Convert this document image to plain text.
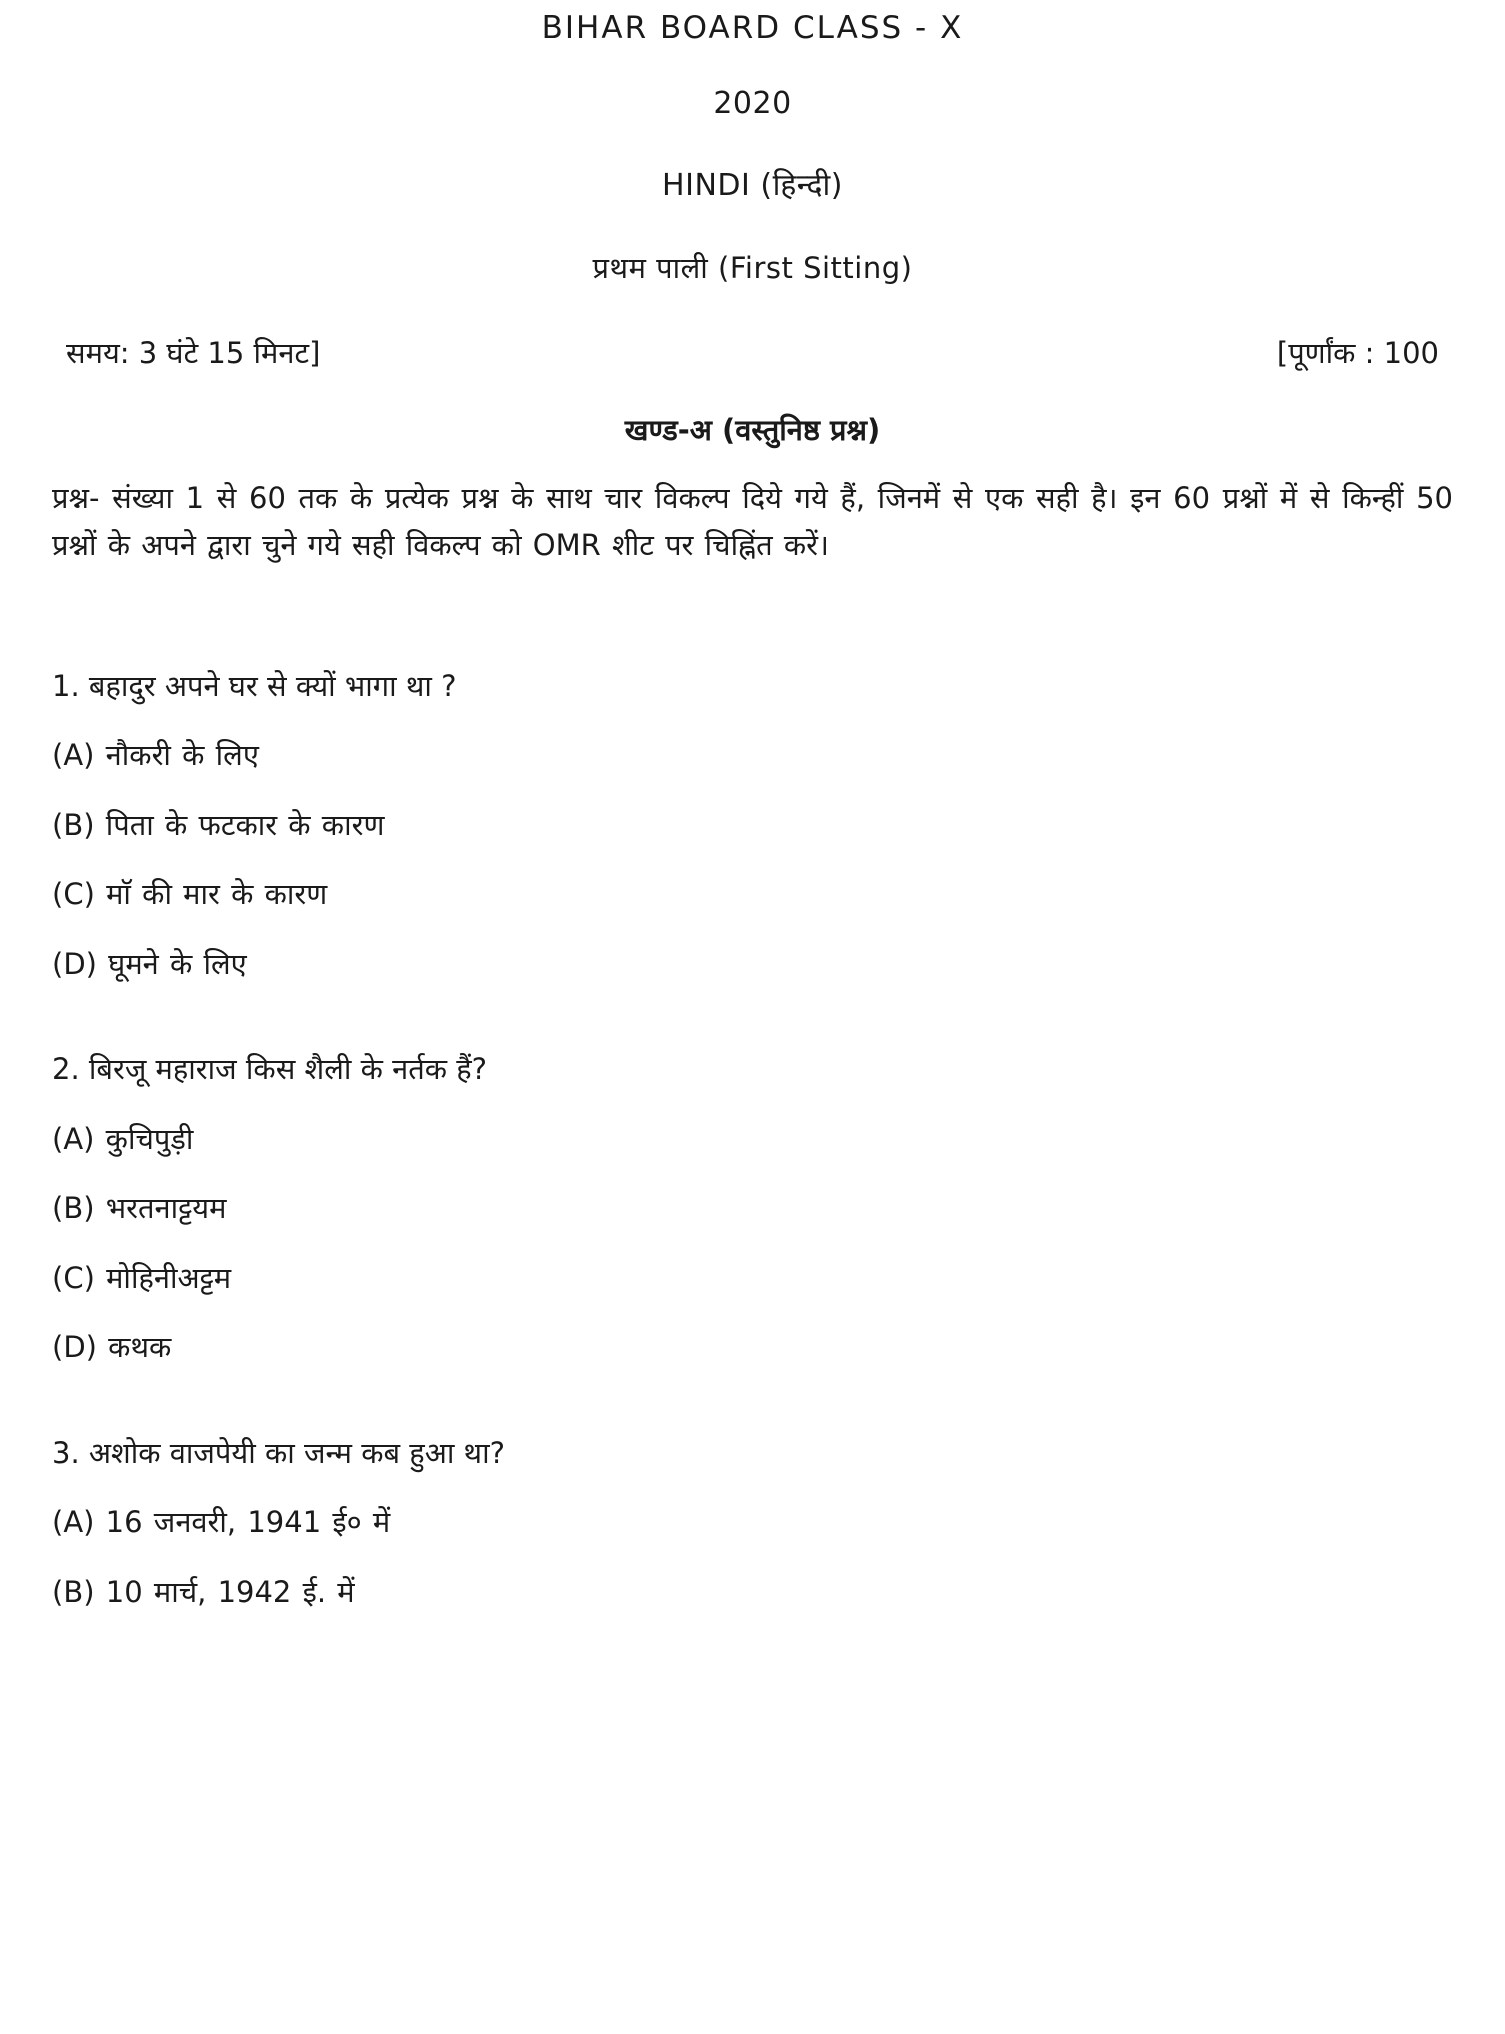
BIHAR BOARD CLASS - X
2020
HINDI (हिन्दी)
प्रथम पाली (First Sitting)
समय: 3 घंटे 15 मिनट]	[पूर्णांक : 100
खण्ड-अ (वस्तुनिष्ठ प्रश्न)
प्रश्न- संख्या 1 से 60 तक के प्रत्येक प्रश्न के साथ चार विकल्प दिये गये हैं, जिनमें से एक सही है। इन 60 प्रश्नों में से किन्हीं 50 प्रश्नों के अपने द्वारा चुने गये सही विकल्प को OMR शीट पर चिह्निंत करें।
1. बहादुर अपने घर से क्यों भागा था ?
(A) नौकरी के लिए
(B) पिता के फटकार के कारण
(C) माॅ की मार के कारण
(D) घूमने के लिए
2. बिरजू महाराज किस शैली के नर्तक हैं?
(A) कुचिपुड़ी
(B) भरतनाट्टयम
(C) मोहिनीअट्टम
(D) कथक
3. अशोक वाजपेयी का जन्म कब हुआ था?
(A) 16 जनवरी, 1941 ई० में
(B) 10 मार्च, 1942 ई. में
